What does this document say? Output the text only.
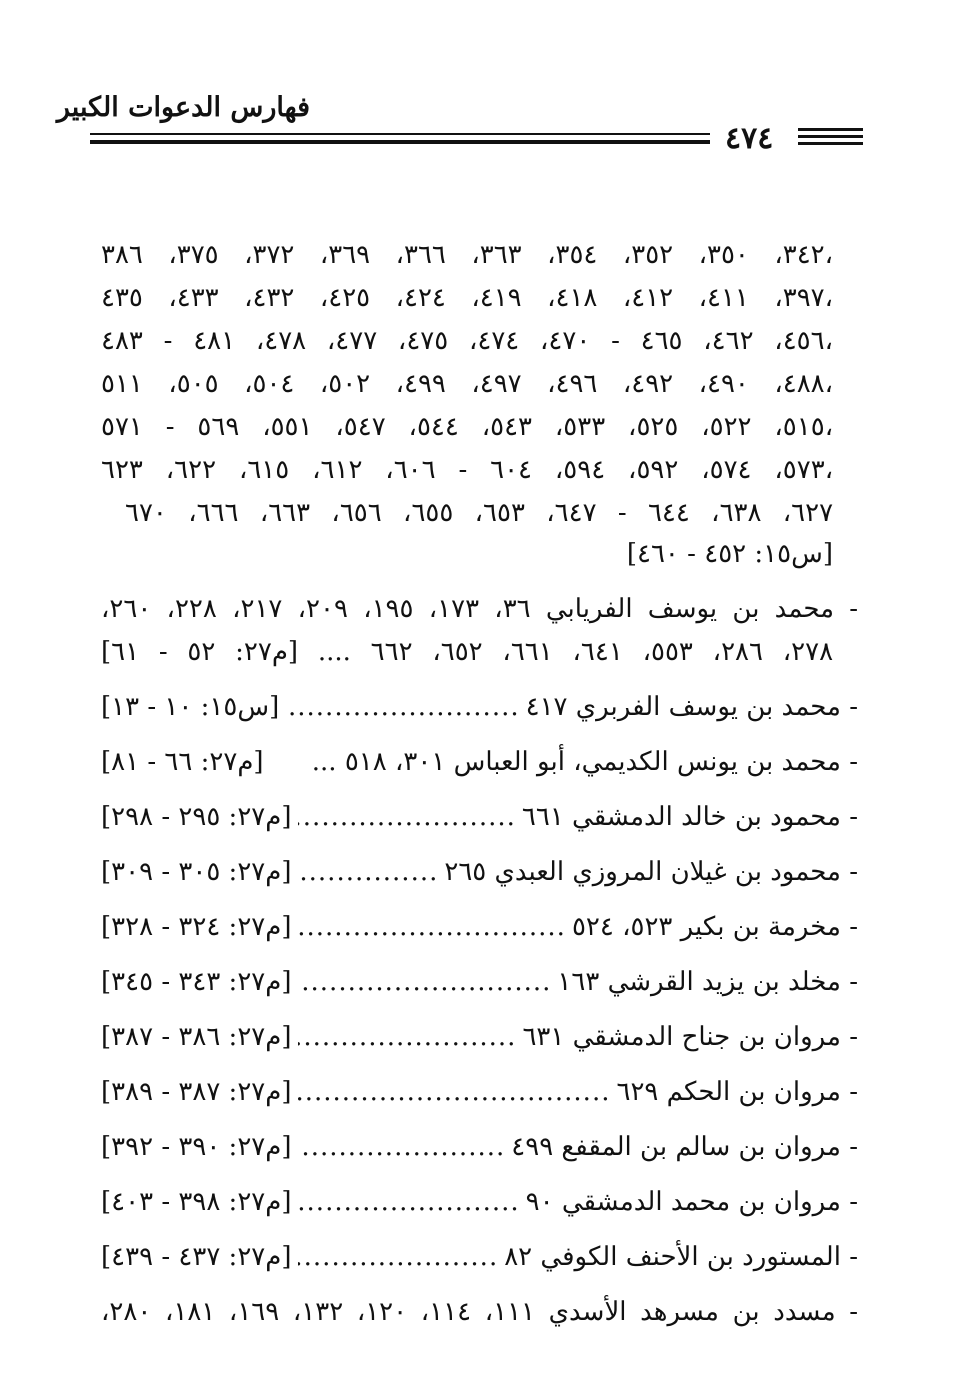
فهارس الدعوات الكبير
٤٧٤
٣٤٢، ٣٥٠، ٣٥٢، ٣٥٤، ٣٦٣، ٣٦٦، ٣٦٩، ٣٧٢، ٣٧٥، ٣٨٦،
٣٩٧، ٤١١، ٤١٢، ٤١٨، ٤١٩، ٤٢٤، ٤٢٥، ٤٣٢، ٤٣٣، ٤٣٥،
٤٥٦، ٤٦٢، ٤٦٥ - ٤٧٠، ٤٧٤، ٤٧٥، ٤٧٧، ٤٧٨، ٤٨١ - ٤٨٣،
٤٨٨، ٤٩٠، ٤٩٢، ٤٩٦، ٤٩٧، ٤٩٩، ٥٠٢، ٥٠٤، ٥٠٥، ٥١١،
٥١٥، ٥٢٢، ٥٢٥، ٥٣٣، ٥٤٣، ٥٤٤، ٥٤٧، ٥٥١، ٥٦٩ - ٥٧١،
٥٧٣، ٥٧٤، ٥٩٢، ٥٩٤، ٦٠٤ - ٦٠٦، ٦١٢، ٦١٥، ٦٢٢، ٦٢٣،
٦٢٧، ٦٣٨، ٦٤٤ - ٦٤٧، ٦٥٣، ٦٥٥، ٦٥٦، ٦٦٣، ٦٦٦، ٦٧٠
[س١٥: ٤٥٢ - ٤٦٠]
- محمد بن يوسف الفريابي ٣٦، ١٧٣، ١٩٥، ٢٠٩، ٢١٧، ٢٢٨، ٢٦٠،
٢٧٨، ٢٨٦، ٥٥٣، ٦٤١، ٦٦١، ٦٥٢، ٦٦٢ .... [م٢٧: ٥٢ - ٦١]
- محمد بن يوسف الفربري ٤١٧
.....
[س١٥: ١٠ - ١٣]
- محمد بن يونس الكديمي، أبو العباس ٣٠١، ٥١٨ ...
[م٢٧: ٦٦ - ٨١]
- محمود بن خالد الدمشقي ٦٦١
.....
[م٢٧: ٢٩٥ - ٢٩٨]
- محمود بن غيلان المروزي العبدي ٢٦٥
.....
[م٢٧: ٣٠٥ - ٣٠٩]
- مخرمة بن بكير ٥٢٣، ٥٢٤
.....
[م٢٧: ٣٢٤ - ٣٢٨]
- مخلد بن يزيد القرشي ١٦٣
.....
[م٢٧: ٣٤٣ - ٣٤٥]
- مروان بن جناح الدمشقي ٦٣١
.....
[م٢٧: ٣٨٦ - ٣٨٧]
- مروان بن الحكم ٦٢٩
.....
[م٢٧: ٣٨٧ - ٣٨٩]
- مروان بن سالم بن المقفع ٤٩٩
.....
[م٢٧: ٣٩٠ - ٣٩٢]
- مروان بن محمد الدمشقي ٩٠
.....
[م٢٧: ٣٩٨ - ٤٠٣]
- المستورد بن الأحنف الكوفي ٨٢
.....
[م٢٧: ٤٣٧ - ٤٣٩]
- مسدد بن مسرهد الأسدي ١١١، ١١٤، ١٢٠، ١٣٢، ١٦٩، ١٨١، ٢٨٠،
